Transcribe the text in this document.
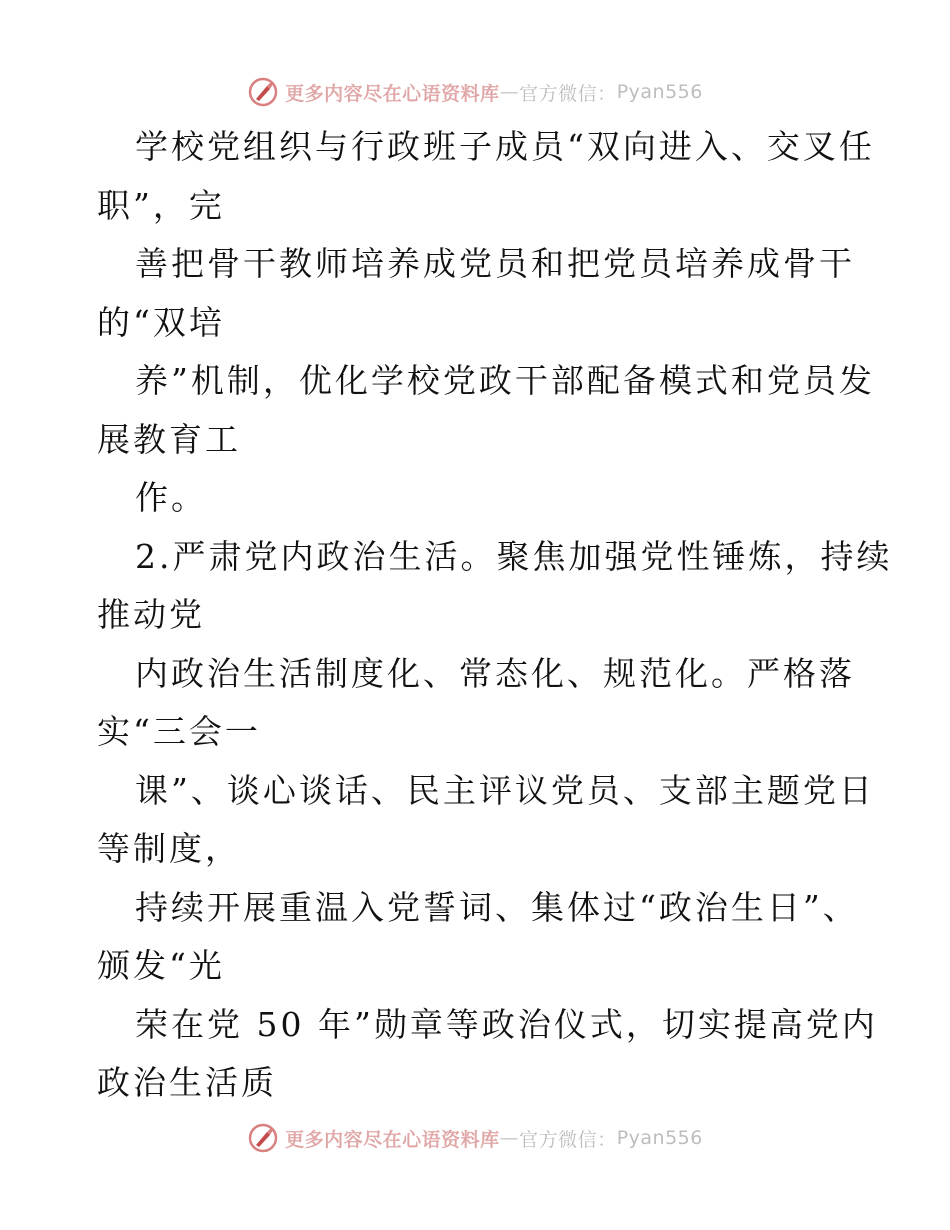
更多内容尽在心语资料库 — 官方微信： Pyan556
学校党组织与行政班子成员“双向进入、交叉任
职”，完
善把骨干教师培养成党员和把党员培养成骨干
的“双培
养”机制，优化学校党政干部配备模式和党员发
展教育工
作。
2.严肃党内政治生活。聚焦加强党性锤炼，持续
推动党
内政治生活制度化、常态化、规范化。严格落
实“三会一
课”、谈心谈话、民主评议党员、支部主题党日
等制度，
持续开展重温入党誓词、集体过“政治生日”、
颁发“光
荣在党 50 年”勋章等政治仪式，切实提高党内
政治生活质
更多内容尽在心语资料库 — 官方微信： Pyan556
